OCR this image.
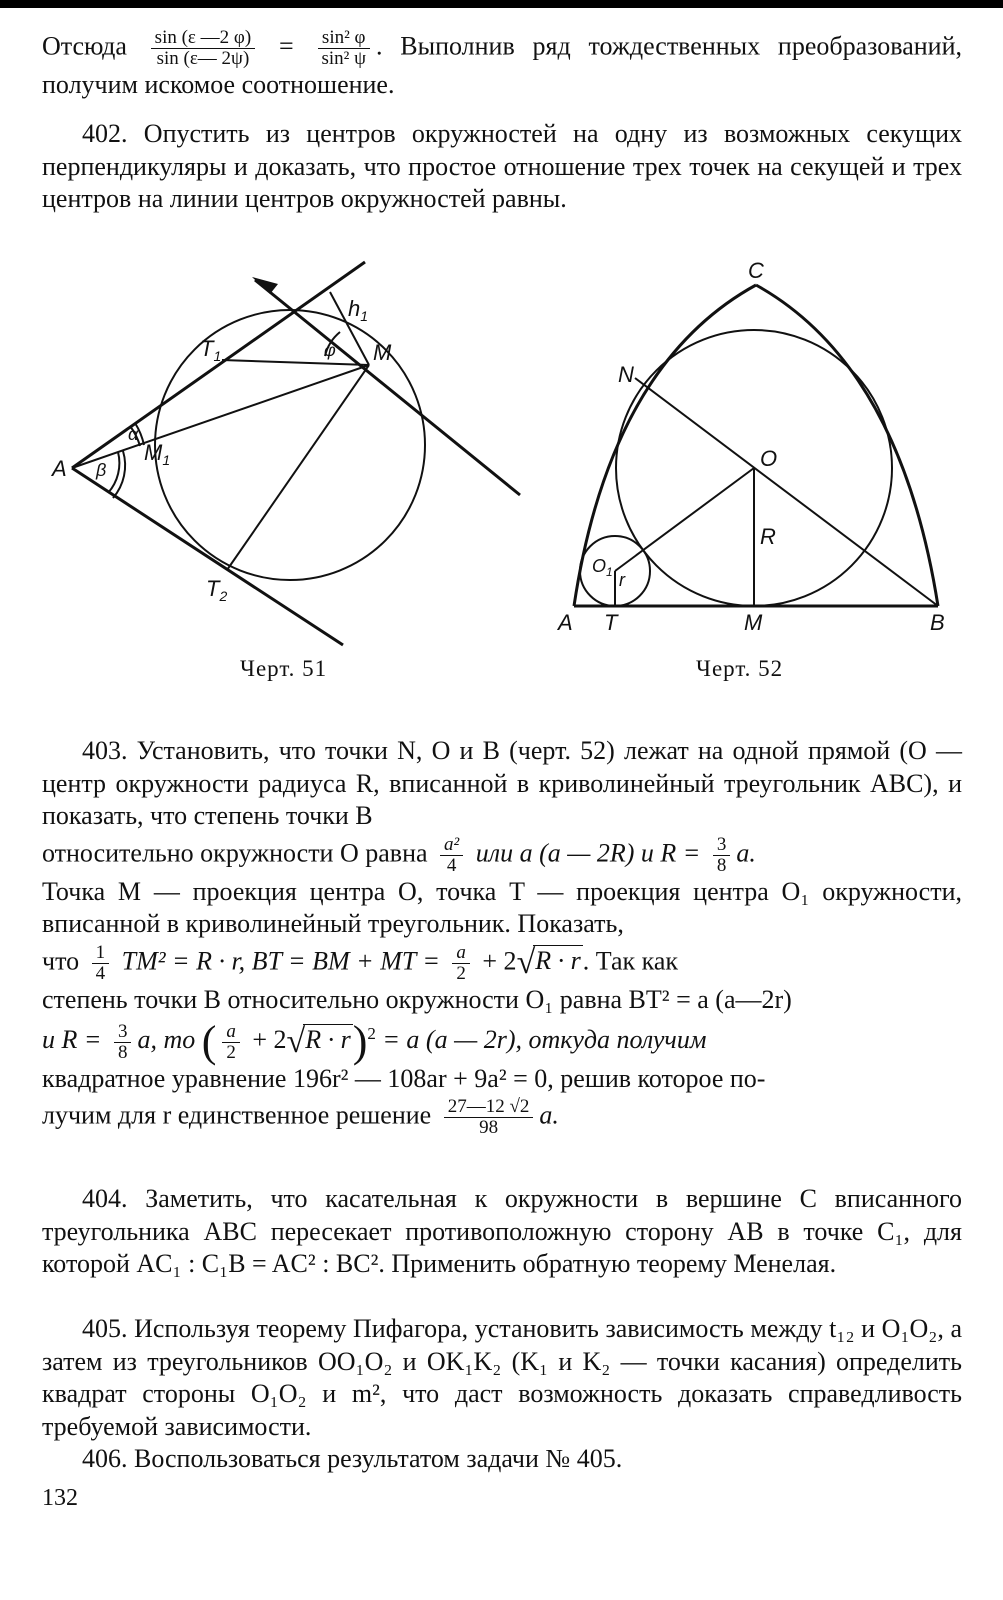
Отсюда $\frac{\sin (\varepsilon —2 \varphi)}{\sin (\varepsilon— 2\psi)} = \frac{\text{sin² φ}}{\text{sin² ψ}}$ . Выполнив ряд тождественных преобразований, получим искомое соотношение.

402. Опустить из центров окружностей на одну из возможных секущих перпендикуляры и доказать, что простое отношение трех точек на секущей и трех центров на линии центров окружностей равны.

A
$T_1$
$T_2$
M
$M_1$
$h_1$
α
β
φ
Черт. 51
C
N
O
R
$O_1$ r
A T	M	B
Черт. 52

403. Установить, что точки N, O и B (черт. 52) лежат на одной прямой (O — центр окружности радиуса R, вписанной в криволинейный треугольник ABC), и показать, что степень точки B

относительно окружности O равна $\frac{\text{a²}}{4}$ или a (a — 2R) и $R = \frac{3}{8} a$.

Точка M — проекция центра O, точка T — проекция центра O₁ окружности, вписанной в криволинейный треугольник. Показать,

что $\frac{1}{4} TM^2 = R \cdot r$, BT = BM + MT = $\frac{a}{2} + 2√R \cdot r$. Так как

степень точки B относительно окружности O₁ равна BT² = a (a—2r)

и $R = \frac{3}{8} a$, то ( $\frac{a}{2} + 2√R \cdot r)^2 = a$ (a — 2r), откуда получим

квадратное уравнение 196r² — 108ar + 9a² = 0, решив которое по-

лучим для r единственное решение $\frac{27—12 √2}{98} a$.

404. Заметить, что касательная к окружности в вершине C вписанного треугольника ABC пересекает противоположную сторону AB в точке C₁, для которой AC₁ : C₁B = AC² : BC². Применить обратную теорему Менелая.

405. Используя теорему Пифагора, установить зависимость между t₁₂ и O₁O₂, а затем из треугольников OO₁O₂ и OK₁K₂ (K₁ и K₂ — точки касания) определить квадрат стороны O₁O₂ и m², что даст возможность доказать справедливость требуемой зависимости.

406. Воспользоваться результатом задачи № 405.

132
